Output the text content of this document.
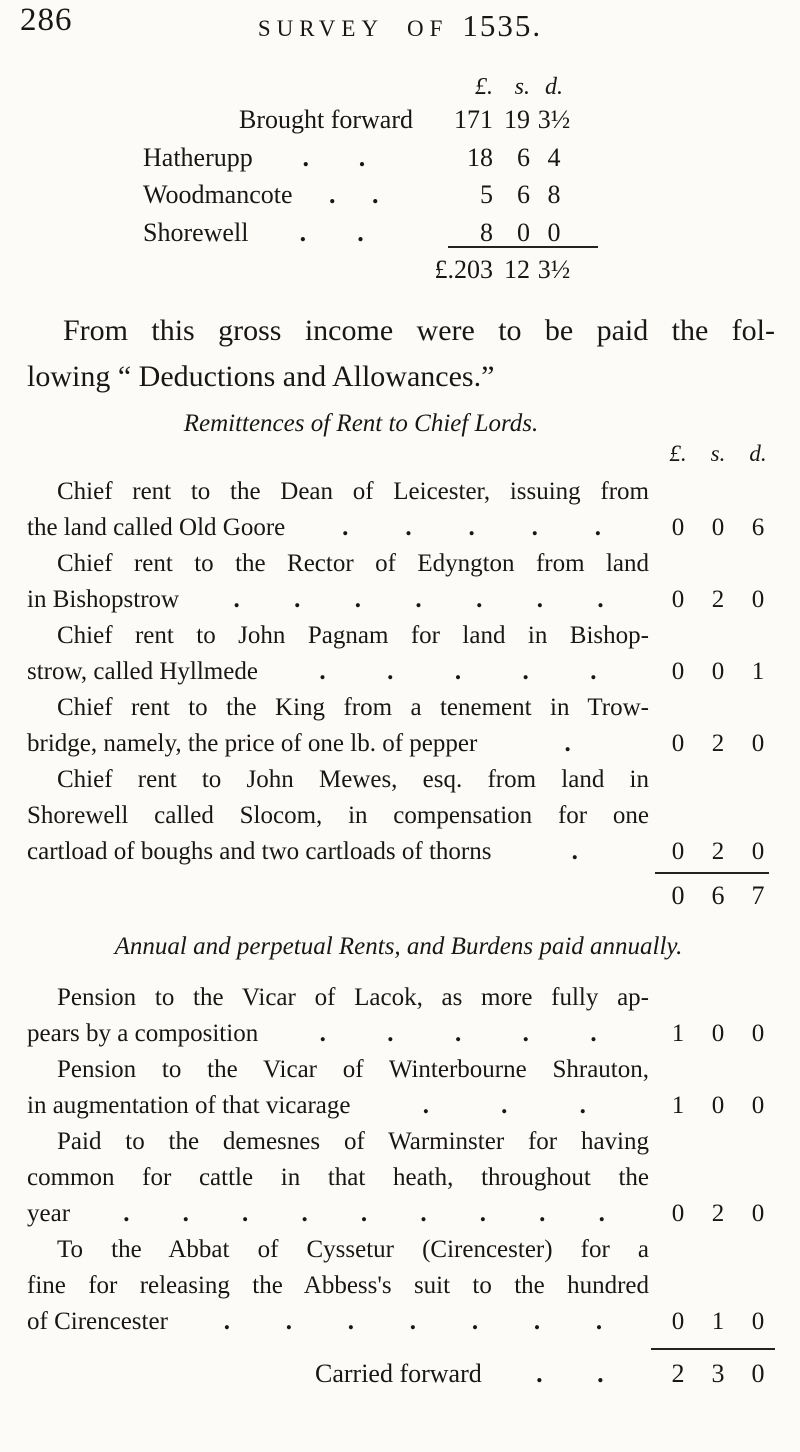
286	SURVEY OF 1535.
£. s. d.
Brought forward	171 19 3½
Hatherupp . .	18 6 4
Woodmancote . .	5 6 8
Shorewell . .	8 0 0
£.203 12 3½
From this gross income were to be paid the fol-
lowing “ Deductions and Allowances.”
Remittences of Rent to Chief Lords.
£.	s.	d.
Chief rent to the Dean of Leicester, issuing from
the land called Old Goore . . . . .	0	0	6
Chief rent to the Rector of Edyngton from land
in Bishopstrow . . . . . . .	0	2	0
Chief rent to John Pagnam for land in Bishop-
strow, called Hyllmede . . . . .	0	0	1
Chief rent to the King from a tenement in Trow-
bridge, namely, the price of one lb. of pepper	.	0	2	0
Chief rent to John Mewes, esq. from land in
Shorewell called Slocom, in compensation for one
cartload of boughs and two cartloads of thorns	.	0	2	0
0	6	7
Annual and perpetual Rents, and Burdens paid annually.
Pension to the Vicar of Lacok, as more fully ap-
pears by a composition . . . . .	1	0	0
Pension to the Vicar of Winterbourne Shrauton,
in augmentation of that vicarage	.	.	.	1	0	0
Paid to the demesnes of Warminster for having
common for cattle in that heath, throughout the
year . . . . . . . . .	0	2	0
To the Abbat of Cyssetur (Cirencester) for a
fine for releasing the Abbess's suit to the hundred
of Cirencester . . . . . . .	0	1	0
Carried forward . .	2	3	0
